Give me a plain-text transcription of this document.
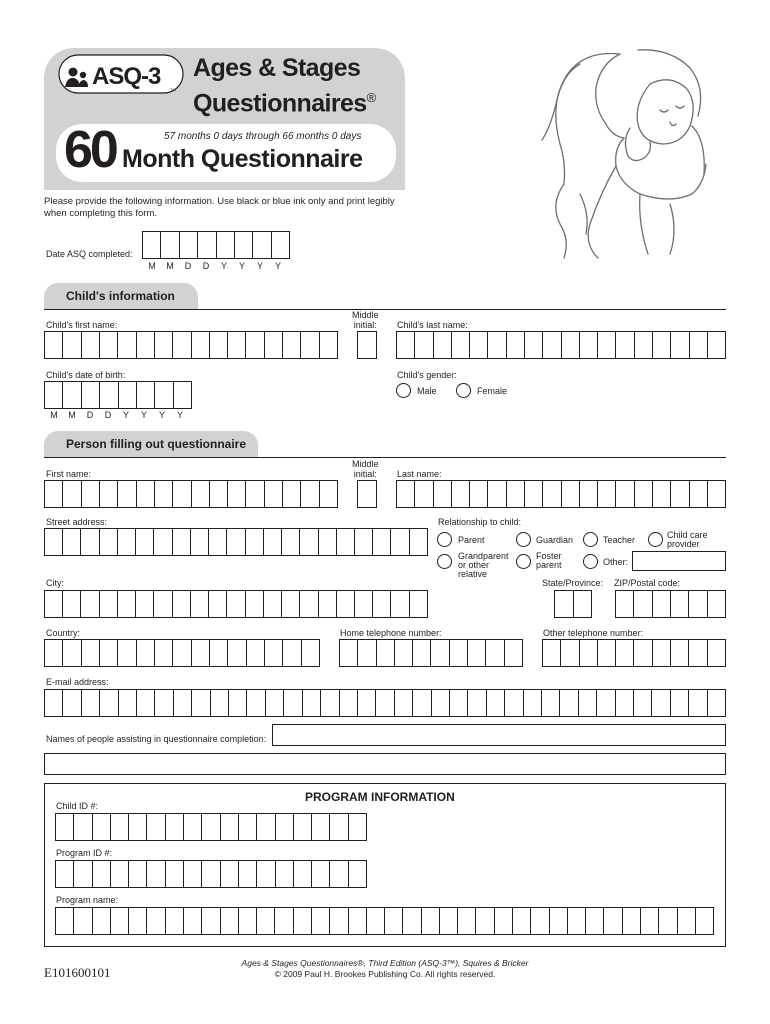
ASQ-3 TM
Ages & Stages
Questionnaires®
60	57 months 0 days through 66 months 0 days
Month Questionnaire
Please provide the following information. Use black or blue ink only and print legibly when completing this form.
Date ASQ completed:
M	M	D	D	Y	Y	Y	Y
Child's information
Child's first name:
Middle
initial: Child's last name:
Child's date of birth:
M	M	D	D	Y	Y	Y	Y
Child's gender:
Male	Female
Person filling out questionnaire
First name:
Middle
initial: Last name:
Street address:	Relationship to child:
Parent	Guardian	Teacher	Child care
provider
Grandparent
or other
relative
Foster
parent	Other:
City:	State/Province: ZIP/Postal code:
Country:	Home telephone number:	Other telephone number:
E-mail address:
Names of people assisting in questionnaire completion:
PROGRAM INFORMATION
Child ID #:
Program ID #:
Program name:
E101600101
Ages & Stages Questionnaires®, Third Edition (ASQ-3™), Squires & Bricker
© 2009 Paul H. Brookes Publishing Co. All rights reserved.
